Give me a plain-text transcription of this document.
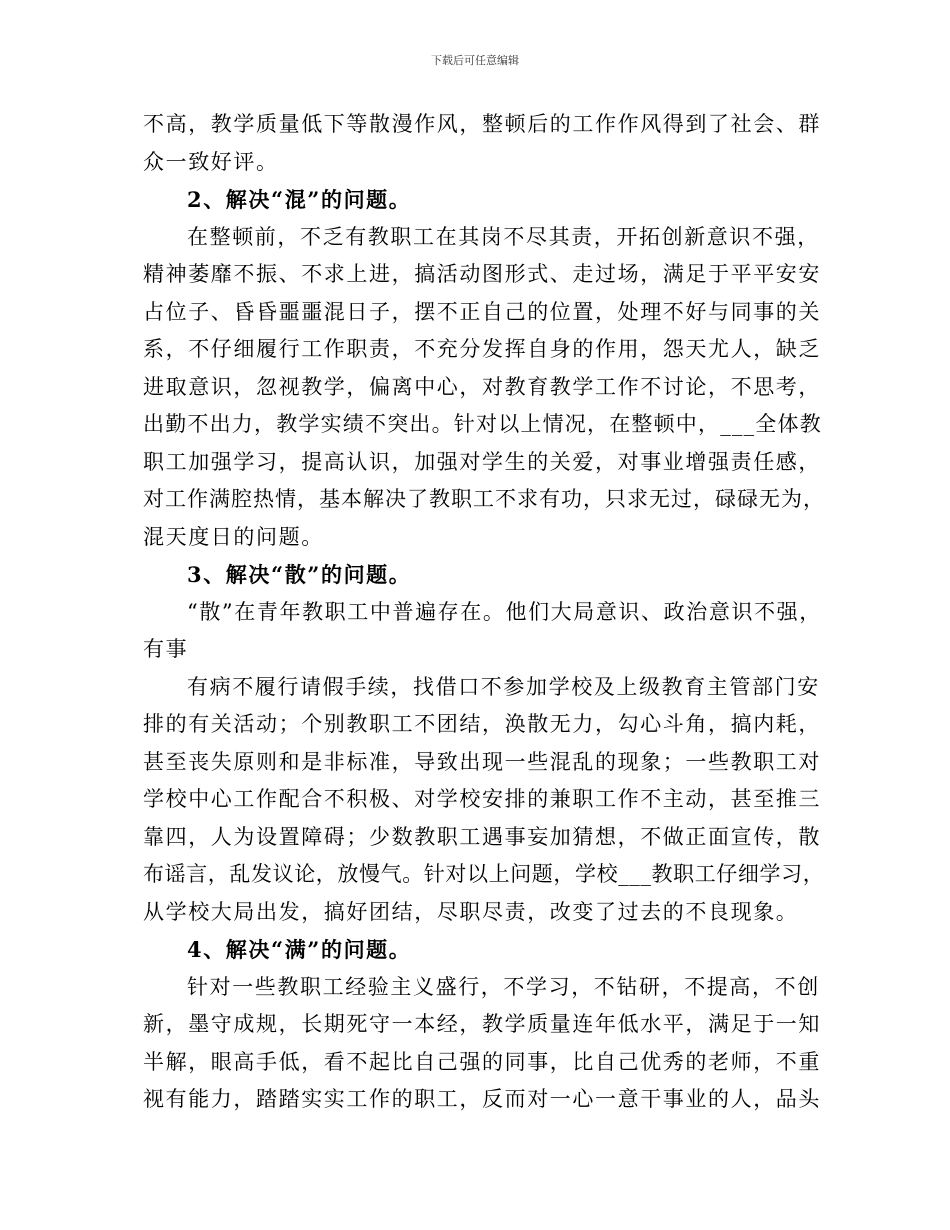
下载后可任意编辑
不高，教学质量低下等散漫作风，整顿后的工作作风得到了社会、群
众一致好评。
2、解决“混”的问题。
在整顿前，不乏有教职工在其岗不尽其责，开拓创新意识不强，
精神萎靡不振、不求上进，搞活动图形式、走过场，满足于平平安安
占位子、昏昏噩噩混日子，摆不正自己的位置，处理不好与同事的关
系，不仔细履行工作职责，不充分发挥自身的作用，怨天尤人，缺乏
进取意识，忽视教学，偏离中心，对教育教学工作不讨论，不思考，
出勤不出力，教学实绩不突出。针对以上情况，在整顿中，___全体教
职工加强学习，提高认识，加强对学生的关爱，对事业增强责任感，
对工作满腔热情，基本解决了教职工不求有功，只求无过，碌碌无为，
混天度日的问题。
3、解决“散”的问题。
“散”在青年教职工中普遍存在。他们大局意识、政治意识不强，
有事
有病不履行请假手续，找借口不参加学校及上级教育主管部门安
排的有关活动；个别教职工不团结，涣散无力，勾心斗角，搞内耗，
甚至丧失原则和是非标准，导致出现一些混乱的现象；一些教职工对
学校中心工作配合不积极、对学校安排的兼职工作不主动，甚至推三
靠四，人为设置障碍；少数教职工遇事妄加猜想，不做正面宣传，散
布谣言，乱发议论，放慢气。针对以上问题，学校___教职工仔细学习，
从学校大局出发，搞好团结，尽职尽责，改变了过去的不良现象。
4、解决“满”的问题。
针对一些教职工经验主义盛行，不学习，不钻研，不提高，不创
新，墨守成规，长期死守一本经，教学质量连年低水平，满足于一知
半解，眼高手低，看不起比自己强的同事，比自己优秀的老师，不重
视有能力，踏踏实实工作的职工，反而对一心一意干事业的人，品头
